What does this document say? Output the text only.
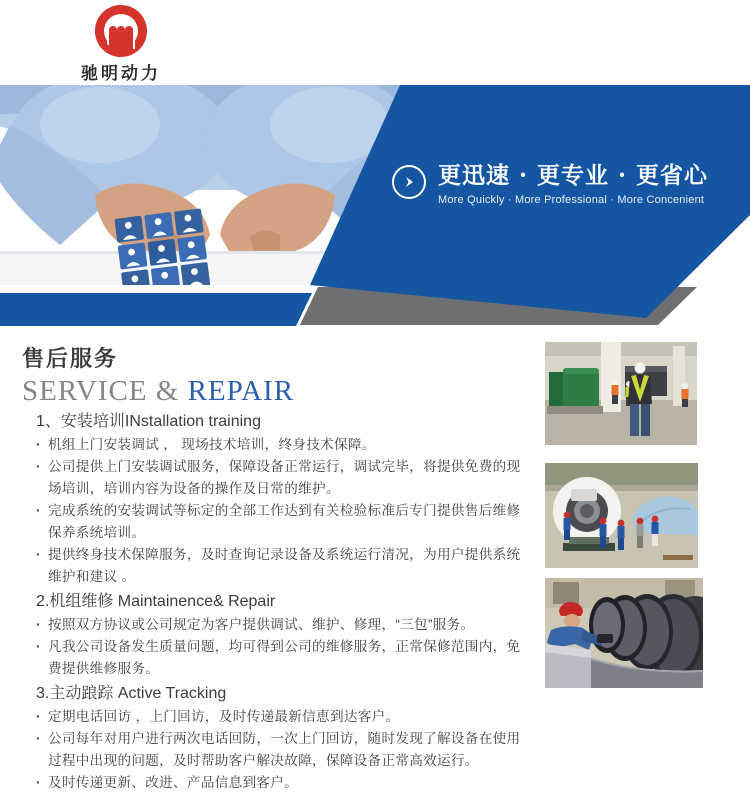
驰明动力
更迅速 · 更专业 · 更省心
More Quickly · More Professional · More Concenient
售后服务
SERVICE & REPAIR
1、安装培训INstallation training
· 机组上门安装调试 ， 现场技术培训，终身技术保障。
· 公司提供上门安装调试服务，保障设备正常运行，调试完毕，将提供免费的现场培训，培训内容为设备的操作及日常的维护。
· 完成系统的安装调试等标定的全部工作达到有关检验标准后专门提供售后维修保养系统培训。
· 提供终身技术保障服务，及时查询记录设备及系统运行清况，为用户提供系统维护和建议 。
2.机组维修 Maintainence& Repair
· 按照双方协议或公司规定为客户提供调试、维护、修理，“三包”服务。
· 凡我公司设备发生质量问题，均可得到公司的维修服务，正常保修范围内，免费提供维修服务。
3.主动踉踪 Active Tracking
· 定期电话回访 ，上门回访，及时传递最新信恵到达客户。
· 公司每年对用户进行两次电话回防，一次上门回访，随时发现了解设备在使用过程中出现的问题，及时帮助客户解决故障，保障设备正常高效运行。
· 及时传递更新、改进、产品信息到客户。
